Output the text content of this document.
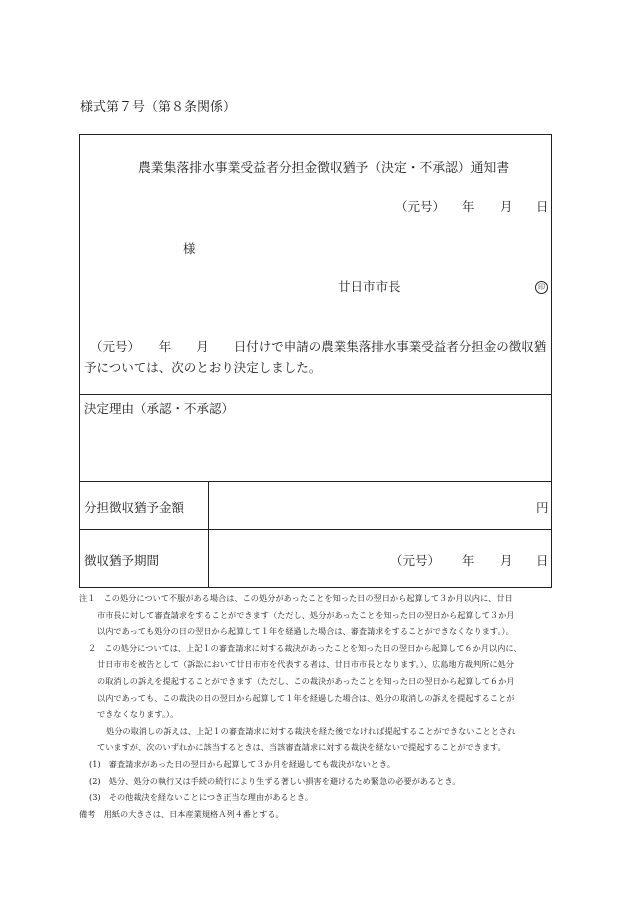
様式第７号（第８条関係）
農業集落排水事業受益者分担金徴収猶予（決定・不承認）通知書
（元号） 年 月 日
様
廿日市市長	印
（元号）　　年　　月　　日付けで申請の農業集落排水事業受益者分担金の徴収猶
予については、次のとおり決定しました。
決定理由（承認・不承認）
分担徴収猶予金額	円
徴収猶予期間	（元号） 年 月 日
注１　この処分について不服がある場合は、この処分があったことを知った日の翌日から起算して３か月以内に、廿日
市市長に対して審査請求をすることができます（ただし、処分があったことを知った日の翌日から起算して３か月
以内であっても処分の日の翌日から起算して１年を経過した場合は、審査請求をすることができなくなります。）。
２　この処分については、上記１の審査請求に対する裁決があったことを知った日の翌日から起算して６か月以内に、
廿日市市を被告として（訴訟において廿日市市を代表する者は、廿日市市長となります。）、広島地方裁判所に処分
の取消しの訴えを提起することができます（ただし、この裁決があったことを知った日の翌日から起算して６か月
以内であっても、この裁決の日の翌日から起算して１年を経過した場合は、処分の取消しの訴えを提起することが
できなくなります。）。
処分の取消しの訴えは、上記１の審査請求に対する裁決を経た後でなければ提起することができないこととされ
ていますが、次のいずれかに該当するときは、当該審査請求に対する裁決を経ないで提起することができます。
(1)　審査請求があった日の翌日から起算して３か月を経過しても裁決がないとき。
(2)　処分、処分の執行又は手続の続行により生ずる著しい損害を避けるため緊急の必要があるとき。
(3)　その他裁決を経ないことにつき正当な理由があるとき。
備考　用紙の大きさは、日本産業規格Ａ列４番とする。
